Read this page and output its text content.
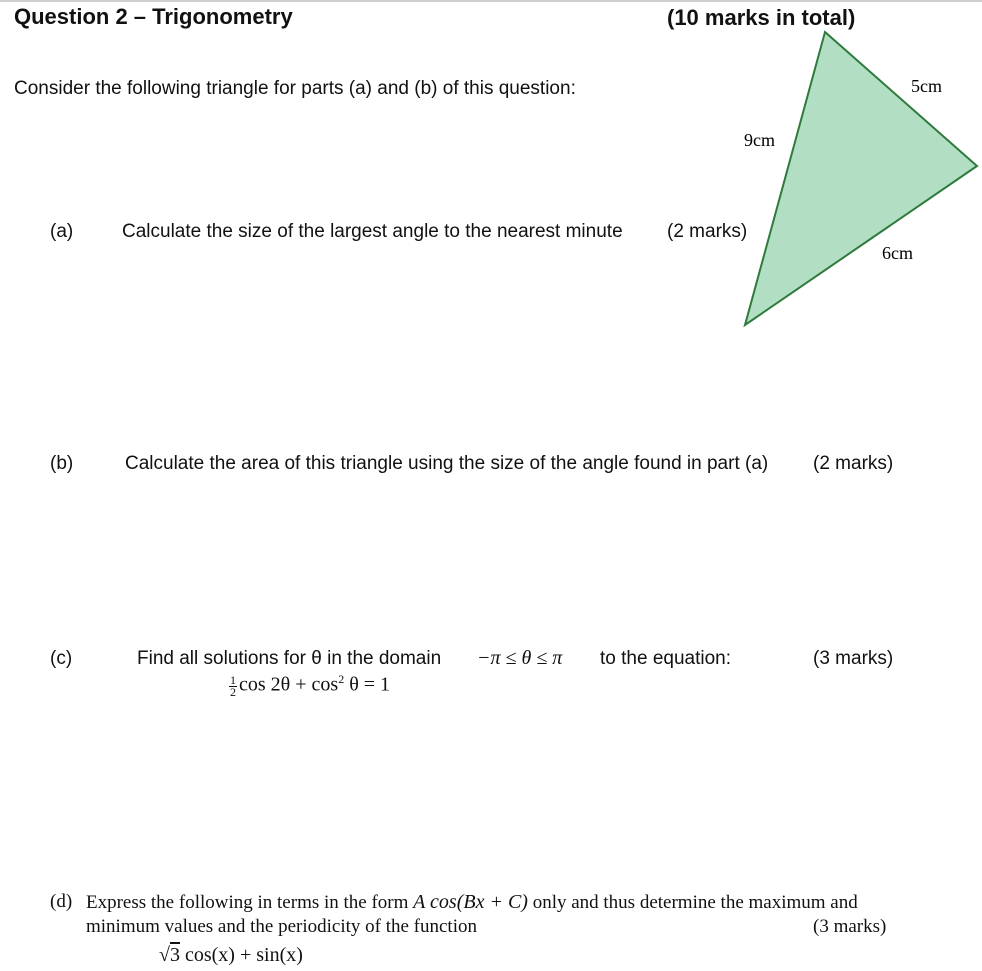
Question 2 – Trigonometry	(10 marks in total)
Consider the following triangle for parts (a) and (b) of this question:
9cm
5cm
6cm
(a)	Calculate the size of the largest angle to the nearest minute (2 marks)
(b)	Calculate the area of this triangle using the size of the angle found in part (a) (2 marks)
(c)	Find all solutions for θ in the domain −π ≤ θ ≤ π to the equation:	(3 marks)
$\frac{1}{2}$ $\cos 2\theta + \cos^2 \theta = 1$
(d) Express the following in terms in the form A cos(Bx + C) only and thus determine the maximum and
minimum values and the periodicity of the function	(3 marks)
√3 cos(x) + sin(x)
